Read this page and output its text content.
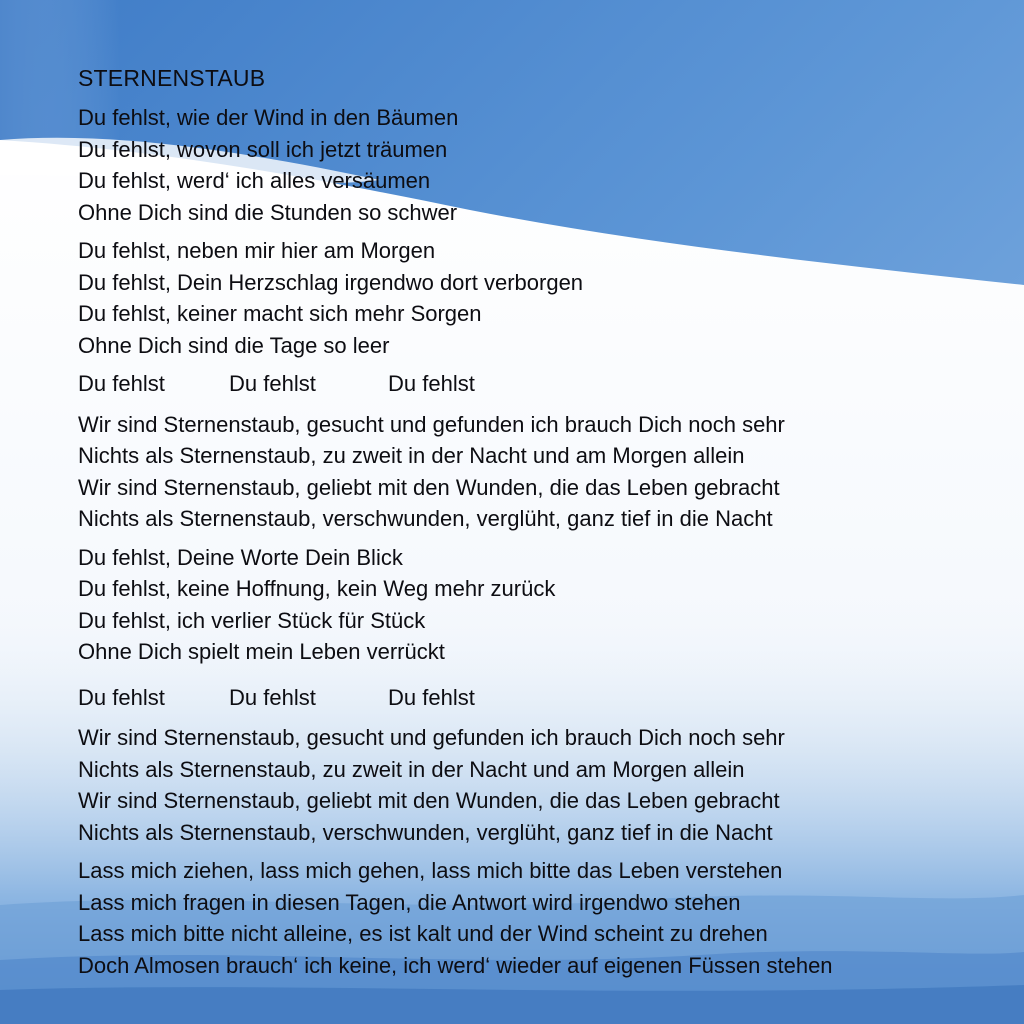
STERNENSTAUB
Du fehlst, wie der Wind in den Bäumen
Du fehlst, wovon soll ich jetzt träumen
Du fehlst, werd‘ ich alles versäumen
Ohne Dich sind die Stunden so schwer
Du fehlst, neben mir hier am Morgen
Du fehlst, Dein Herzschlag irgendwo dort verborgen
Du fehlst, keiner macht sich mehr Sorgen
Ohne Dich sind die Tage so leer
Du fehlst	Du fehlst	Du fehlst
Wir sind Sternenstaub, gesucht und gefunden ich brauch Dich noch sehr
Nichts als Sternenstaub, zu zweit in der Nacht und am Morgen allein
Wir sind Sternenstaub, geliebt mit den Wunden, die das Leben gebracht
Nichts als Sternenstaub, verschwunden, verglüht, ganz tief in die Nacht
Du fehlst, Deine Worte Dein Blick
Du fehlst, keine Hoffnung, kein Weg mehr zurück
Du fehlst, ich verlier Stück für Stück
Ohne Dich spielt mein Leben verrückt
Du fehlst	Du fehlst	Du fehlst
Wir sind Sternenstaub, gesucht und gefunden ich brauch Dich noch sehr
Nichts als Sternenstaub, zu zweit in der Nacht und am Morgen allein
Wir sind Sternenstaub, geliebt mit den Wunden, die das Leben gebracht
Nichts als Sternenstaub, verschwunden, verglüht, ganz tief in die Nacht
Lass mich ziehen, lass mich gehen, lass mich bitte das Leben verstehen
Lass mich fragen in diesen Tagen, die Antwort wird irgendwo stehen
Lass mich bitte nicht alleine, es ist kalt und der Wind scheint zu drehen
Doch Almosen brauch‘ ich keine, ich werd‘ wieder auf eigenen Füssen stehen
